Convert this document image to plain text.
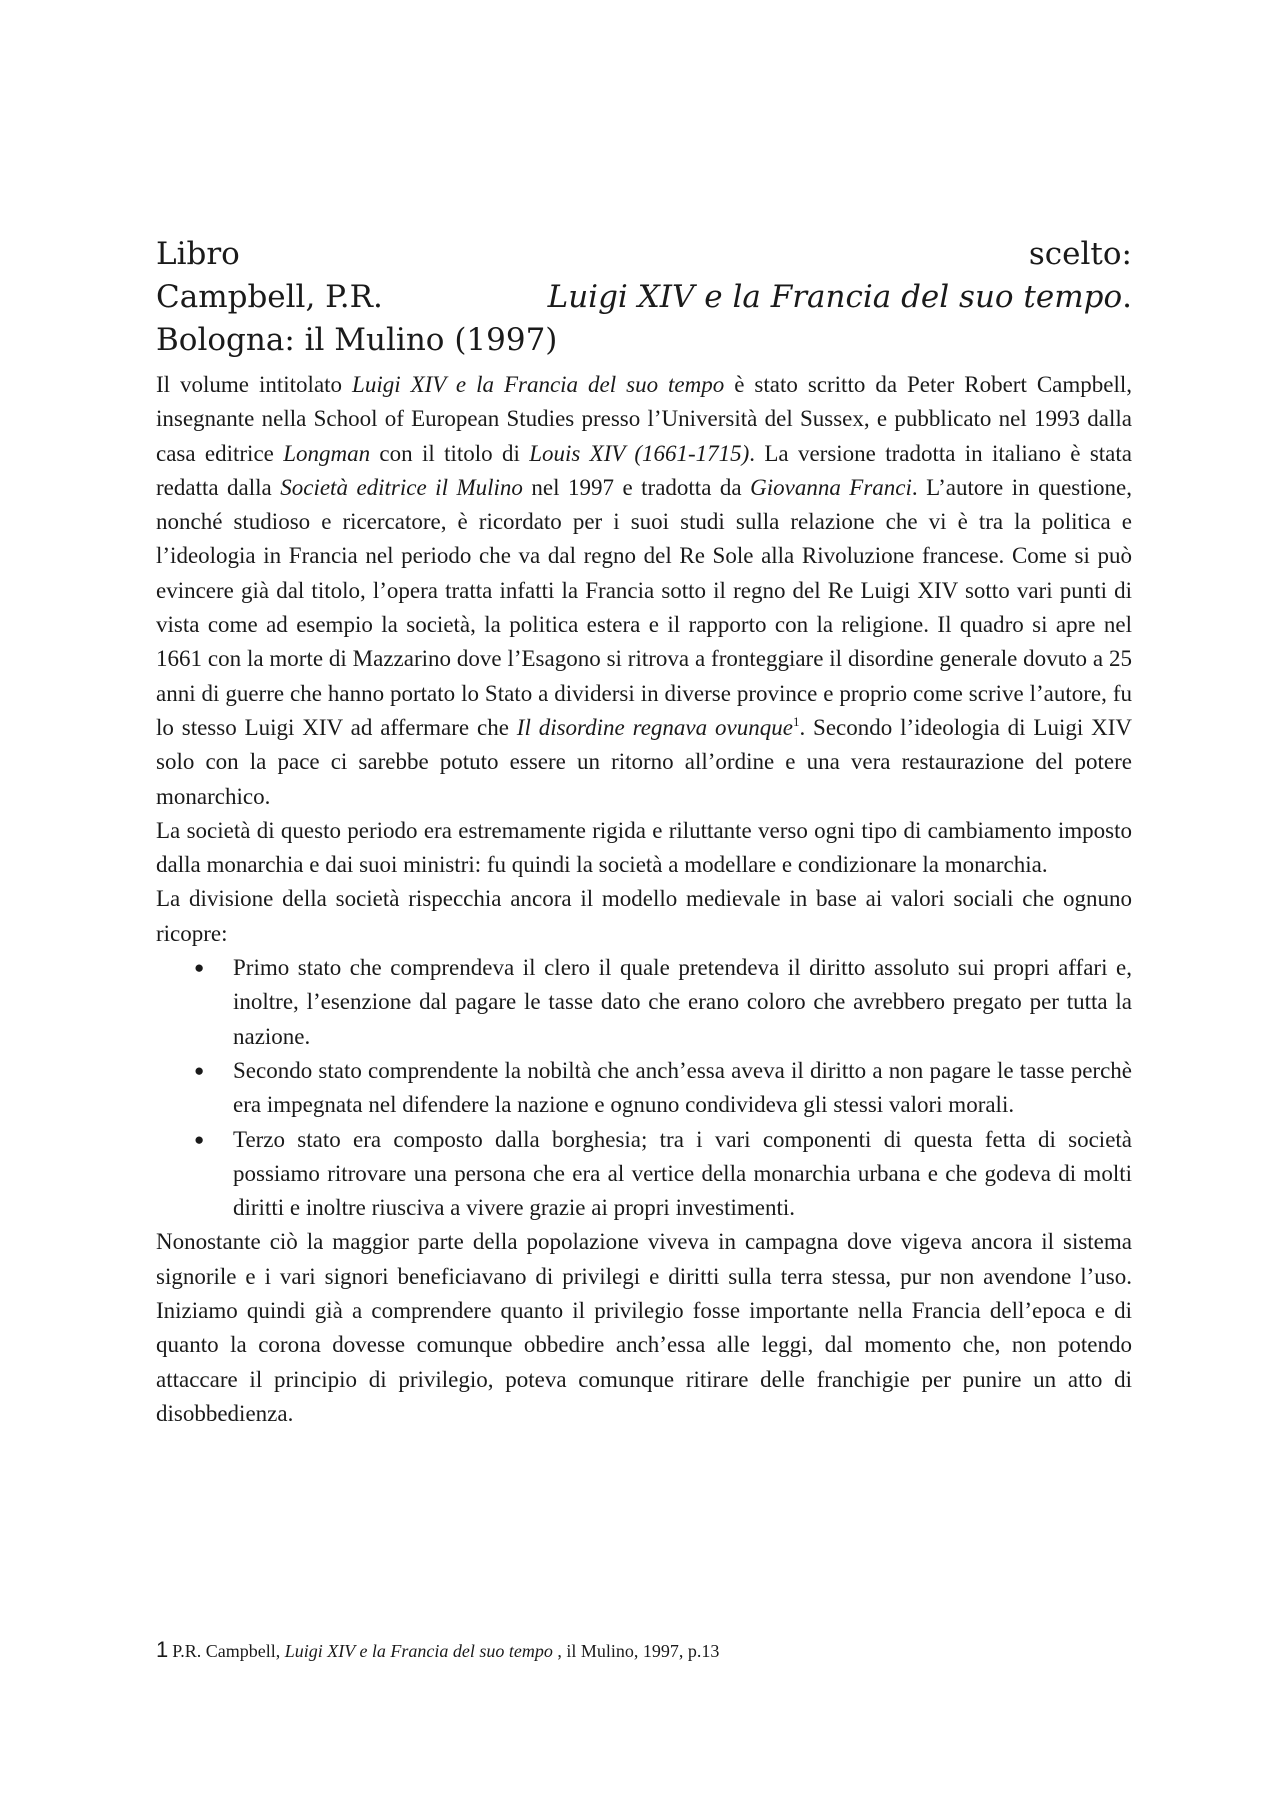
Libro	scelto:
Campbell, P.R.	Luigi XIV e la Francia del suo tempo.
Bologna: il Mulino (1997)

Il volume intitolato Luigi XIV e la Francia del suo tempo è stato scritto da Peter Robert Campbell, insegnante nella School of European Studies presso l’Università del Sussex, e pubblicato nel 1993 dalla casa editrice Longman con il titolo di Louis XIV (1661-1715). La versione tradotta in italiano è stata redatta dalla Società editrice il Mulino nel 1997 e tradotta da Giovanna Franci. L’autore in questione, nonché studioso e ricercatore, è ricordato per i suoi studi sulla relazione che vi è tra la politica e l’ideologia in Francia nel periodo che va dal regno del Re Sole alla Rivoluzione francese. Come si può evincere già dal titolo, l’opera tratta infatti la Francia sotto il regno del Re Luigi XIV sotto vari punti di vista come ad esempio la società, la politica estera e il rapporto con la religione. Il quadro si apre nel 1661 con la morte di Mazzarino dove l’Esagono si ritrova a fronteggiare il disordine generale dovuto a 25 anni di guerre che hanno portato lo Stato a dividersi in diverse province e proprio come scrive l’autore, fu lo stesso Luigi XIV ad affermare che Il disordine regnava ovunque$^1$. Secondo l’ideologia di Luigi XIV solo con la pace ci sarebbe potuto essere un ritorno all’ordine e una vera restaurazione del potere monarchico.

La società di questo periodo era estremamente rigida e riluttante verso ogni tipo di cambiamento imposto dalla monarchia e dai suoi ministri: fu quindi la società a modellare e condizionare la monarchia.

La divisione della società rispecchia ancora il modello medievale in base ai valori sociali che ognuno ricopre:

● Primo stato che comprendeva il clero il quale pretendeva il diritto assoluto sui propri affari e, inoltre, l’esenzione dal pagare le tasse dato che erano coloro che avrebbero pregato per tutta la nazione.
● Secondo stato comprendente la nobiltà che anch’essa aveva il diritto a non pagare le tasse perchè era impegnata nel difendere la nazione e ognuno condivideva gli stessi valori morali.
● Terzo stato era composto dalla borghesia; tra i vari componenti di questa fetta di società possiamo ritrovare una persona che era al vertice della monarchia urbana e che godeva di molti diritti e inoltre riusciva a vivere grazie ai propri investimenti.

Nonostante ciò la maggior parte della popolazione viveva in campagna dove vigeva ancora il sistema signorile e i vari signori beneficiavano di privilegi e diritti sulla terra stessa, pur non avendone l’uso. Iniziamo quindi già a comprendere quanto il privilegio fosse importante nella Francia dell’epoca e di quanto la corona dovesse comunque obbedire anch’essa alle leggi, dal momento che, non potendo attaccare il principio di privilegio, poteva comunque ritirare delle franchigie per punire un atto di disobbedienza.

1 P.R. Campbell, Luigi XIV e la Francia del suo tempo , il Mulino, 1997, p.13
